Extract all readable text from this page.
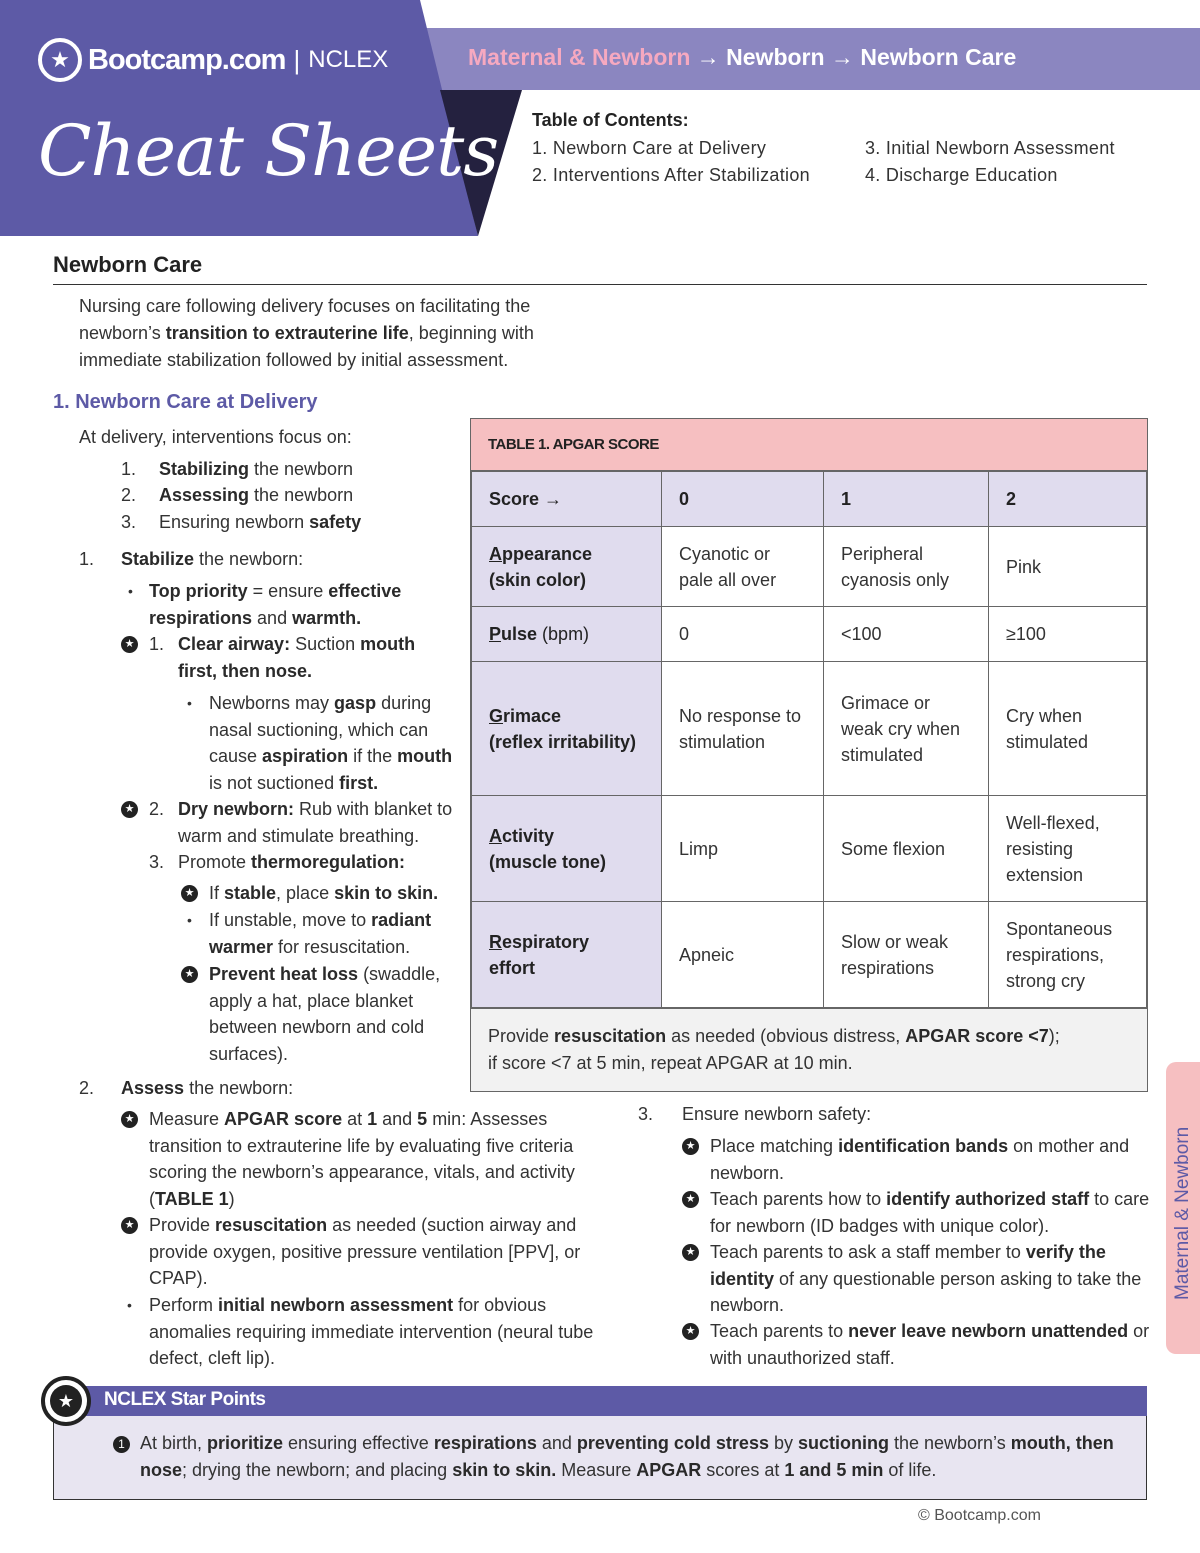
★ Bootcamp.com | NCLEX
Cheat Sheets
Maternal & Newborn → Newborn → Newborn Care
Table of Contents:
1. Newborn Care at Delivery
2. Interventions After Stabilization
3. Initial Newborn Assessment
4. Discharge Education
Newborn Care
Nursing care following delivery focuses on facilitating the newborn’s transition to extrauterine life, beginning with immediate stabilization followed by initial assessment.
1. Newborn Care at Delivery
At delivery, interventions focus on:
1. Stabilizing the newborn
2. Assessing the newborn
3. Ensuring newborn safety
1. Stabilize the newborn:
• Top priority = ensure effective respirations and warmth.
★ 1. Clear airway: Suction mouth first, then nose.
• Newborns may gasp during nasal suctioning, which can cause aspiration if the mouth is not suctioned first.
★ 2. Dry newborn: Rub with blanket to warm and stimulate breathing.
3. Promote thermoregulation:
★ If stable, place skin to skin.
• If unstable, move to radiant warmer for resuscitation.
★ Prevent heat loss (swaddle, apply a hat, place blanket between newborn and cold surfaces).
2. Assess the newborn:
★ Measure APGAR score at 1 and 5 min: Assesses transition to extrauterine life by evaluating five criteria scoring the newborn’s appearance, vitals, and activity (TABLE 1)
★ Provide resuscitation as needed (suction airway and provide oxygen, positive pressure ventilation [PPV], or CPAP).
• Perform initial newborn assessment for obvious anomalies requiring immediate intervention (neural tube defect, cleft lip).
3. Ensure newborn safety:
★ Place matching identification bands on mother and newborn.
★ Teach parents how to identify authorized staff to care for newborn (ID badges with unique color).
★ Teach parents to ask a staff member to verify the identity of any questionable person asking to take the newborn.
★ Teach parents to never leave newborn unattended or with unauthorized staff.
TABLE 1. APGAR SCORE
Score →	0	1	2
Appearance
(skin color)	Cyanotic or pale all over	Peripheral cyanosis only	Pink
Pulse (bpm)	0	<100	≥100
Grimace
(reflex irritability)	No response to stimulation	Grimace or weak cry when stimulated	Cry when stimulated
Activity
(muscle tone)	Limp	Some flexion	Well-flexed, resisting extension
Respiratory
effort	Apneic	Slow or weak respirations	Spontaneous respirations, strong cry
Provide resuscitation as needed (obvious distress, APGAR score <7);
if score <7 at 5 min, repeat APGAR at 10 min.
Maternal & Newborn
★	NCLEX Star Points
1 At birth, prioritize ensuring effective respirations and preventing cold stress by suctioning the newborn’s mouth, then nose; drying the newborn; and placing skin to skin. Measure APGAR scores at 1 and 5 min of life.
© Bootcamp.com
